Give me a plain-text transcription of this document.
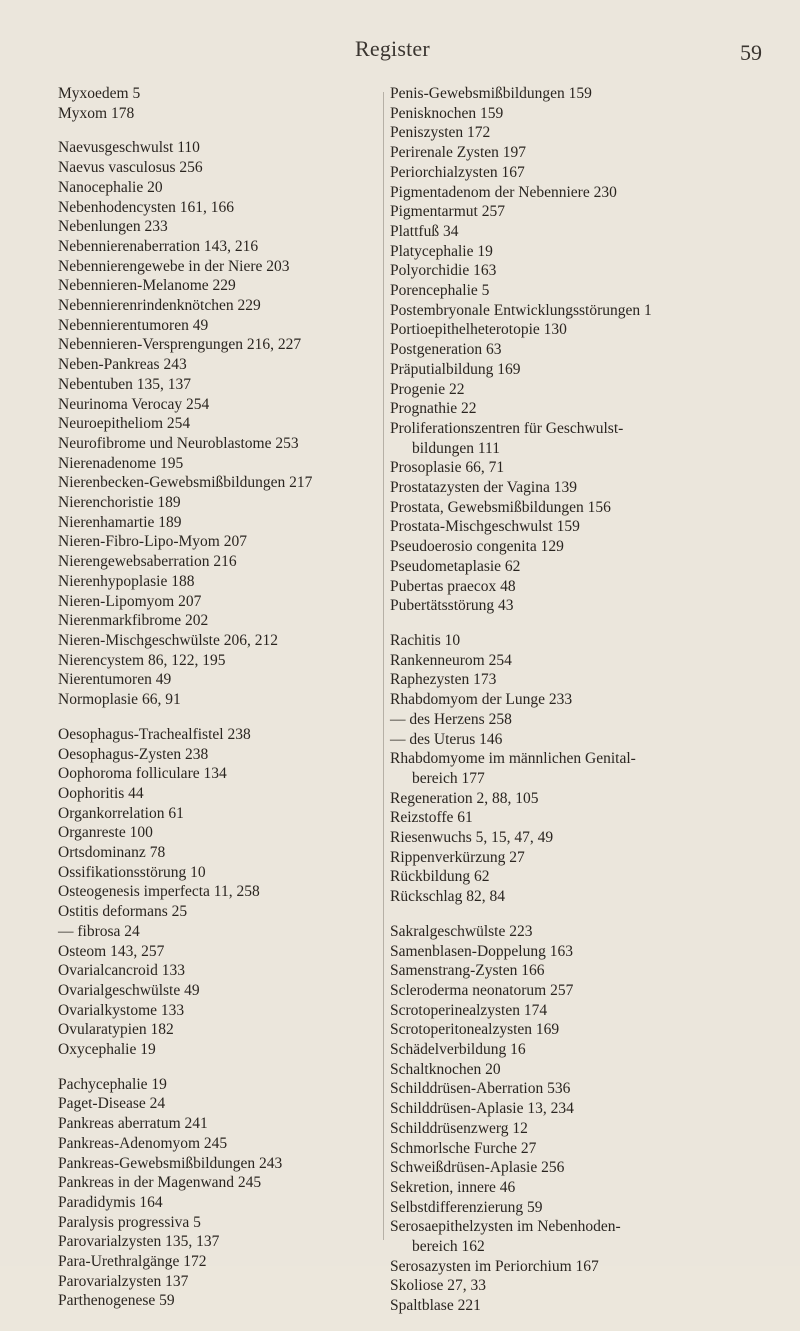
Register	59
Myxoedem 5
Myxom 178
Naevusgeschwulst 110
Naevus vasculosus 256
Nanocephalie 20
Nebenhodencysten 161, 166
Nebenlungen 233
Nebennierenaberration 143, 216
Nebennierengewebe in der Niere 203
Nebennieren-Melanome 229
Nebennierenrindenknötchen 229
Nebennierentumoren 49
Nebennieren-Versprengungen 216, 227
Neben-Pankreas 243
Nebentuben 135, 137
Neurinoma Verocay 254
Neuroepitheliom 254
Neurofibrome und Neuroblastome 253
Nierenadenome 195
Nierenbecken-Gewebsmißbildungen 217
Nierenchoristie 189
Nierenhamartie 189
Nieren-Fibro-Lipo-Myom 207
Nierengewebsaberration 216
Nierenhypoplasie 188
Nieren-Lipomyom 207
Nierenmarkfibrome 202
Nieren-Mischgeschwülste 206, 212
Nierencystem 86, 122, 195
Nierentumoren 49
Normoplasie 66, 91
Oesophagus-Trachealfistel 238
Oesophagus-Zysten 238
Oophoroma folliculare 134
Oophoritis 44
Organkorrelation 61
Organreste 100
Ortsdominanz 78
Ossifikationsstörung 10
Osteogenesis imperfecta 11, 258
Ostitis deformans 25
— fibrosa 24
Osteom 143, 257
Ovarialcancroid 133
Ovarialgeschwülste 49
Ovarialkystome 133
Ovularatypien 182
Oxycephalie 19
Pachycephalie 19
Paget-Disease 24
Pankreas aberratum 241
Pankreas-Adenomyom 245
Pankreas-Gewebsmißbildungen 243
Pankreas in der Magenwand 245
Paradidymis 164
Paralysis progressiva 5
Parovarialzysten 135, 137
Para-Urethralgänge 172
Parovarialzysten 137
Parthenogenese 59
Penis-Gewebsmißbildungen 159
Penisknochen 159
Peniszysten 172
Perirenale Zysten 197
Periorchialzysten 167
Pigmentadenom der Nebenniere 230
Pigmentarmut 257
Plattfuß 34
Platycephalie 19
Polyorchidie 163
Porencephalie 5
Postembryonale Entwicklungsstörungen 1
Portioepithelheterotopie 130
Postgeneration 63
Präputialbildung 169
Progenie 22
Prognathie 22
Proliferationszentren für Geschwulst-
bildungen 111
Prosoplasie 66, 71
Prostatazysten der Vagina 139
Prostata, Gewebsmißbildungen 156
Prostata-Mischgeschwulst 159
Pseudoerosio congenita 129
Pseudometaplasie 62
Pubertas praecox 48
Pubertätsstörung 43
Rachitis 10
Rankenneurom 254
Raphezysten 173
Rhabdomyom der Lunge 233
— des Herzens 258
— des Uterus 146
Rhabdomyome im männlichen Genital-
bereich 177
Regeneration 2, 88, 105
Reizstoffe 61
Riesenwuchs 5, 15, 47, 49
Rippenverkürzung 27
Rückbildung 62
Rückschlag 82, 84
Sakralgeschwülste 223
Samenblasen-Doppelung 163
Samenstrang-Zysten 166
Scleroderma neonatorum 257
Scrotoperinealzysten 174
Scrotoperitonealzysten 169
Schädelverbildung 16
Schaltknochen 20
Schilddrüsen-Aberration 536
Schilddrüsen-Aplasie 13, 234
Schilddrüsenzwerg 12
Schmorlsche Furche 27
Schweißdrüsen-Aplasie 256
Sekretion, innere 46
Selbstdifferenzierung 59
Serosaepithelzysten im Nebenhoden-
bereich 162
Serosazysten im Periorchium 167
Skoliose 27, 33
Spaltblase 221
